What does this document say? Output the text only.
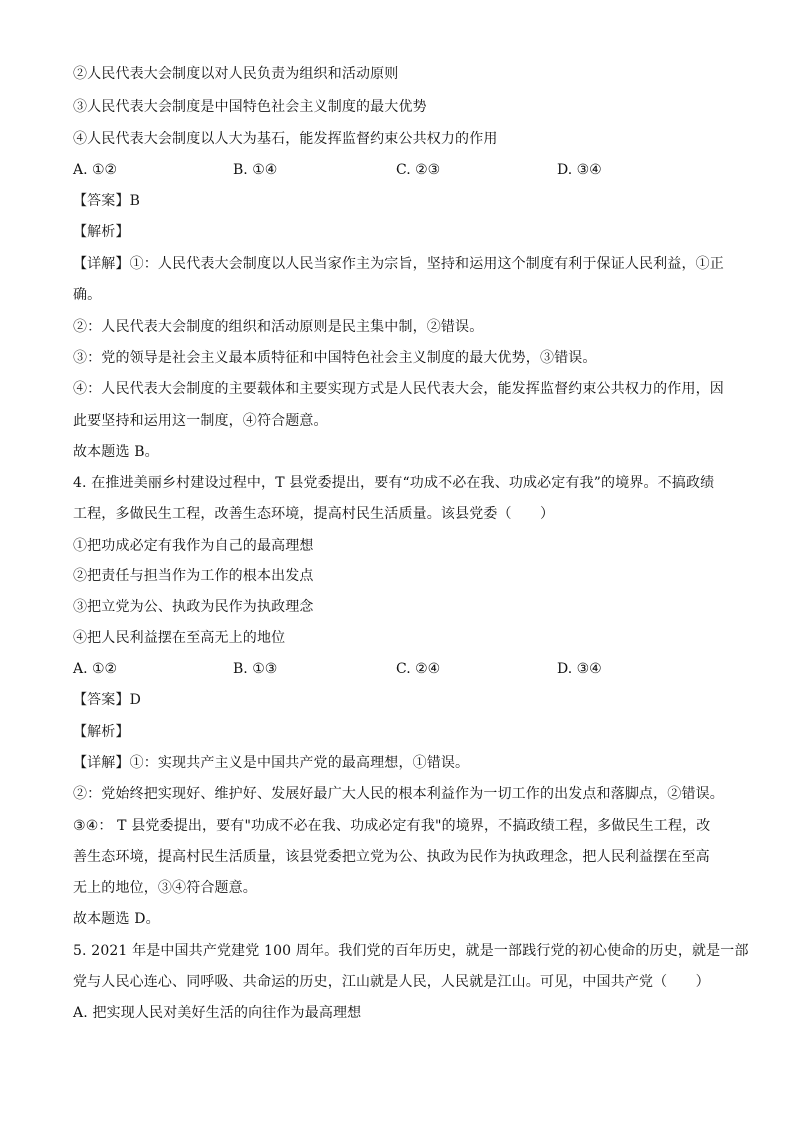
②人民代表大会制度以对人民负责为组织和活动原则
③人民代表大会制度是中国特色社会主义制度的最大优势
④人民代表大会制度以人大为基石，能发挥监督约束公共权力的作用
A. ①②	B. ①④	C. ②③	D. ③④
【答案】B
【解析】
【详解】①：人民代表大会制度以人民当家作主为宗旨，坚持和运用这个制度有利于保证人民利益，①正
确。
②：人民代表大会制度的组织和活动原则是民主集中制，②错误。
③：党的领导是社会主义最本质特征和中国特色社会主义制度的最大优势，③错误。
④：人民代表大会制度的主要载体和主要实现方式是人民代表大会，能发挥监督约束公共权力的作用，因
此要坚持和运用这一制度，④符合题意。
故本题选 B。
4. 在推进美丽乡村建设过程中，T 县党委提出，要有“功成不必在我、功成必定有我”的境界。不搞政绩
工程，多做民生工程，改善生态环境，提高村民生活质量。该县党委（　　）
①把功成必定有我作为自己的最高理想
②把责任与担当作为工作的根本出发点
③把立党为公、执政为民作为执政理念
④把人民利益摆在至高无上的地位
A. ①②	B. ①③	C. ②④	D. ③④
【答案】D
【解析】
【详解】①：实现共产主义是中国共产党的最高理想，①错误。
②：党始终把实现好、维护好、发展好最广大人民的根本利益作为一切工作的出发点和落脚点，②错误。
③④： T 县党委提出，要有"功成不必在我、功成必定有我"的境界，不搞政绩工程，多做民生工程，改
善生态环境，提高村民生活质量，该县党委把立党为公、执政为民作为执政理念，把人民利益摆在至高
无上的地位，③④符合题意。
故本题选 D。
5. 2021 年是中国共产党建党 100 周年。我们党的百年历史，就是一部践行党的初心使命的历史，就是一部
党与人民心连心、同呼吸、共命运的历史，江山就是人民，人民就是江山。可见，中国共产党（　　）
A. 把实现人民对美好生活的向往作为最高理想
